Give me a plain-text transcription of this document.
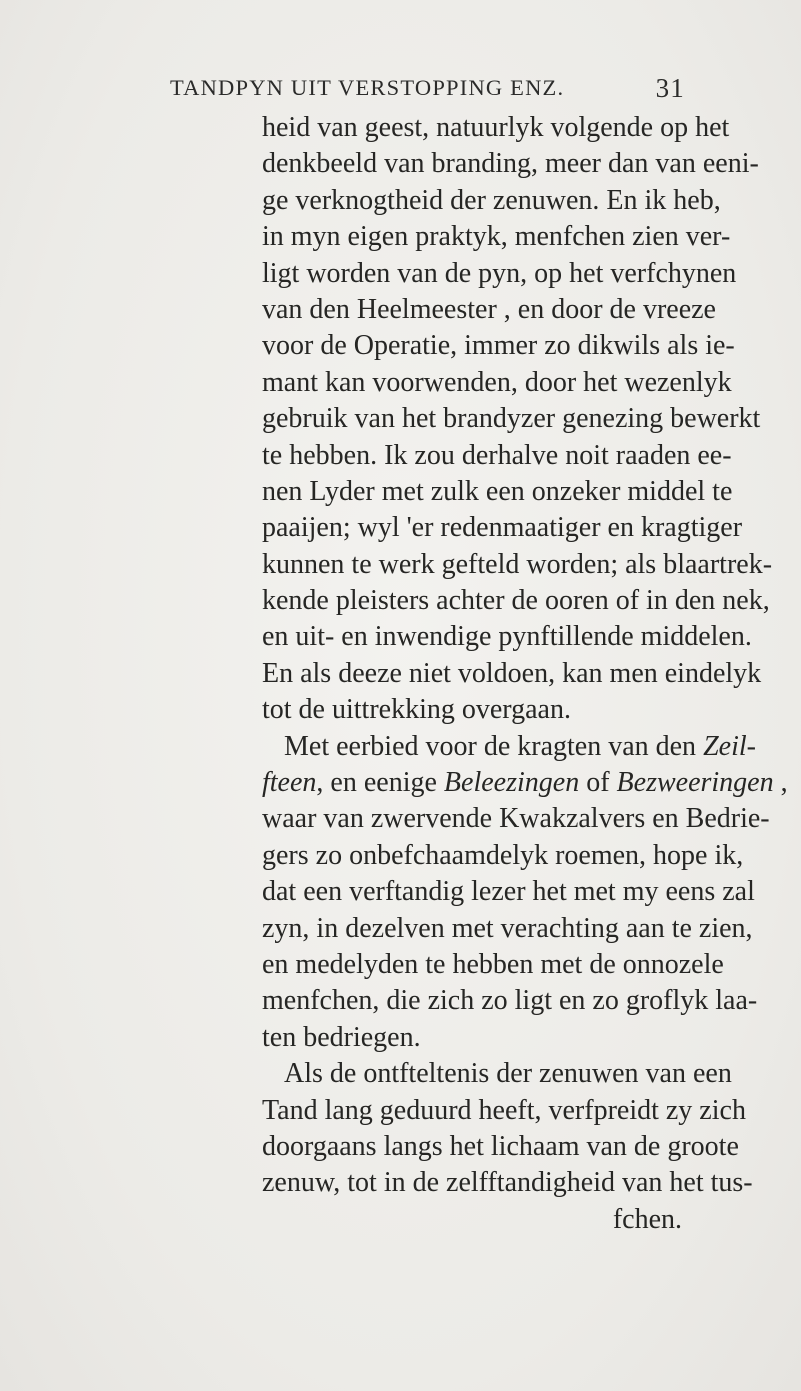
TANDPYN UIT VERSTOPPING ENZ.	31
heid van geest, natuurlyk volgende op het
denkbeeld van branding, meer dan van eeni-
ge verknogtheid der zenuwen. En ik heb,
in myn eigen praktyk, menfchen zien ver-
ligt worden van de pyn, op het verfchynen
van den Heelmeester , en door de vreeze
voor de Operatie, immer zo dikwils als ie-
mant kan voorwenden, door het wezenlyk
gebruik van het brandyzer genezing bewerkt
te hebben. Ik zou derhalve noit raaden ee-
nen Lyder met zulk een onzeker middel te
paaijen; wyl 'er redenmaatiger en kragtiger
kunnen te werk gefteld worden; als blaartrek-
kende pleisters achter de ooren of in den nek,
en uit- en inwendige pynftillende middelen.
En als deeze niet voldoen, kan men eindelyk
tot de uittrekking overgaan.
Met eerbied voor de kragten van den Zeil-
fteen, en eenige Beleezingen of Bezweeringen ,
waar van zwervende Kwakzalvers en Bedrie-
gers zo onbefchaamdelyk roemen, hope ik,
dat een verftandig lezer het met my eens zal
zyn, in dezelven met verachting aan te zien,
en medelyden te hebben met de onnozele
menfchen, die zich zo ligt en zo groflyk laa-
ten bedriegen.
Als de ontfteltenis der zenuwen van een
Tand lang geduurd heeft, verfpreidt zy zich
doorgaans langs het lichaam van de groote
zenuw, tot in de zelfftandigheid van het tus-
fchen.
